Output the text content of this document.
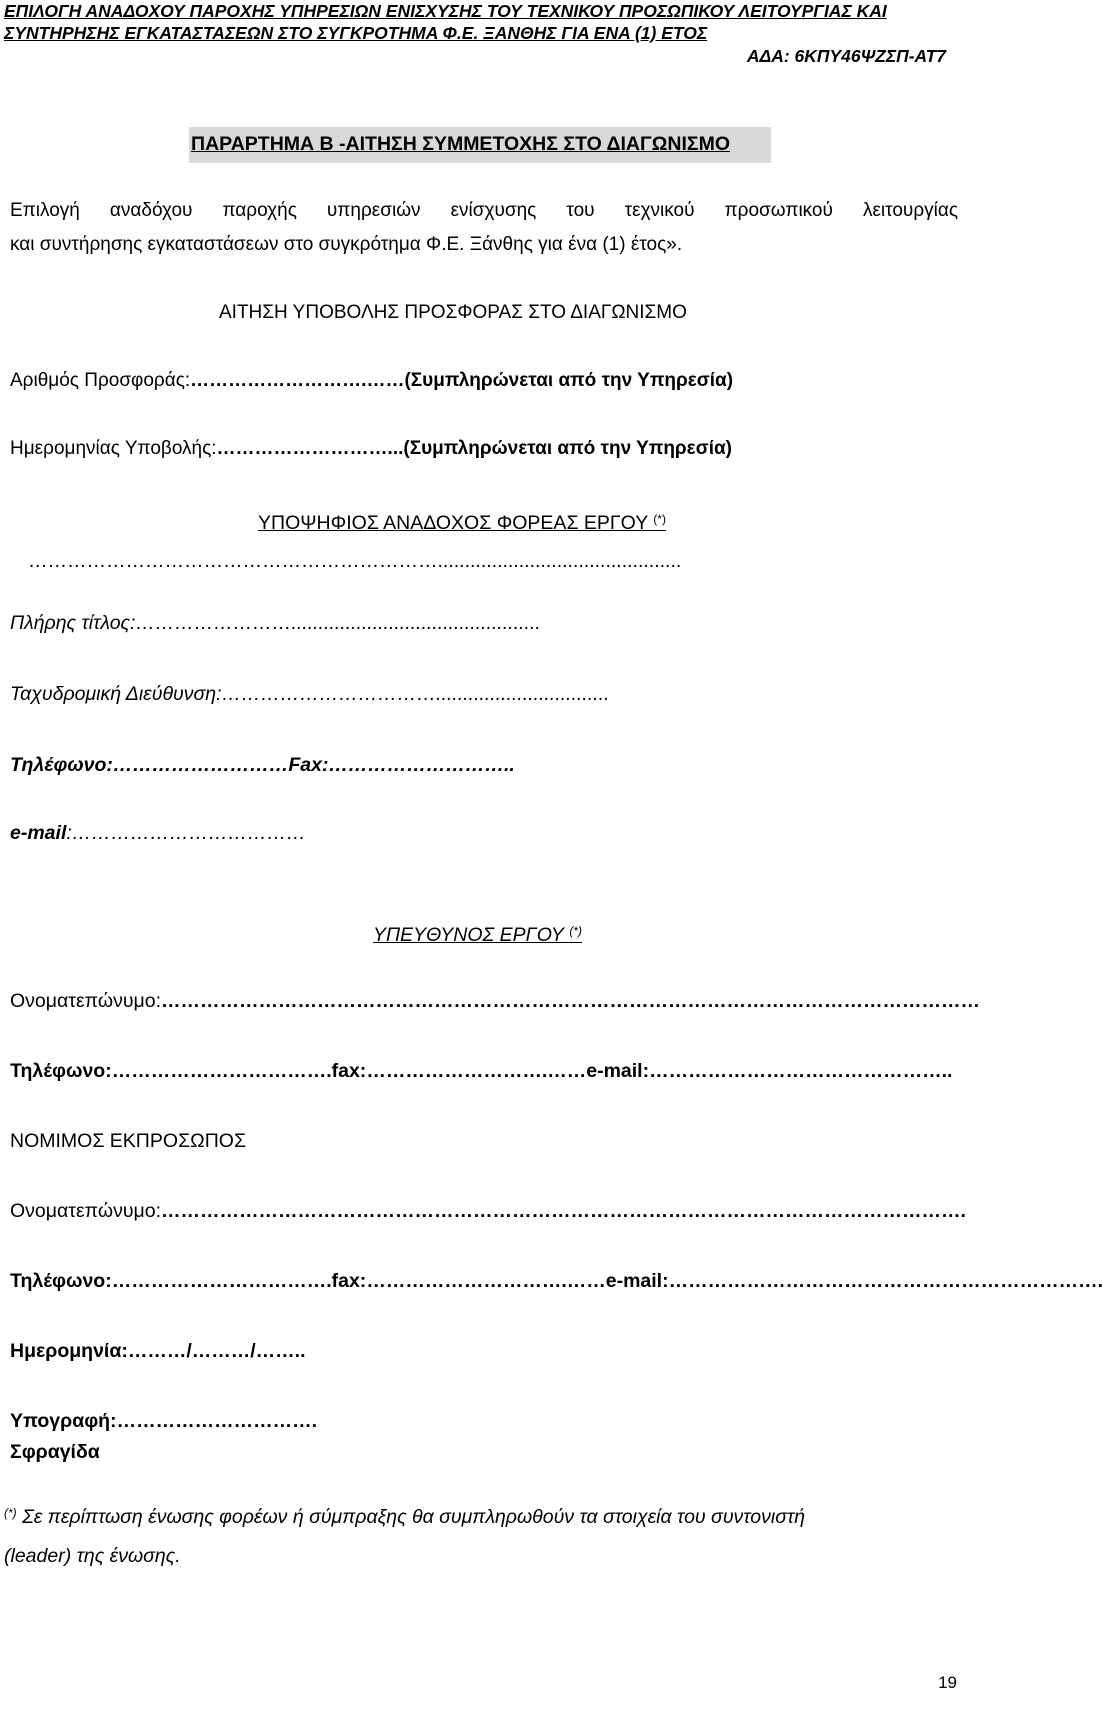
ΕΠΙΛΟΓΗ ΑΝΑΔΟΧΟΥ ΠΑΡΟΧΗΣ ΥΠΗΡΕΣΙΩΝ ΕΝΙΣΧΥΣΗΣ ΤΟΥ ΤΕΧΝΙΚΟΥ ΠΡΟΣΩΠΙΚΟΥ ΛΕΙΤΟΥΡΓΙΑΣ ΚΑΙ
ΣΥΝΤΗΡΗΣΗΣ ΕΓΚΑΤΑΣΤΑΣΕΩΝ ΣΤΟ ΣΥΓΚΡΟΤΗΜΑ Φ.Ε. ΞΑΝΘΗΣ ΓΙΑ ΕΝΑ (1) ΕΤΟΣ
ΑΔΑ: 6ΚΠΥ46ΨΖΣΠ-ΑΤ7
ΠΑΡΑΡΤΗΜΑ Β -ΑΙΤΗΣΗ ΣΥΜΜΕΤΟΧΗΣ ΣΤΟ ΔΙΑΓΩΝΙΣΜΟ
Επιλογή αναδόχου παροχής υπηρεσιών ενίσχυσης του τεχνικού προσωπικού λειτουργίας
και συντήρησης εγκαταστάσεων στο συγκρότημα Φ.Ε. Ξάνθης για ένα (1) έτος».
ΑΙΤΗΣΗ ΥΠΟΒΟΛΗΣ ΠΡΟΣΦΟΡΑΣ ΣΤΟ ΔΙΑΓΩΝΙΣΜΟ
Αριθμός Προσφοράς:……………………….……(Συμπληρώνεται από την Υπηρεσία)
Ημερομηνίας Υποβολής:………………………...(Συμπληρώνεται από την Υπηρεσία)
ΥΠΟΨΗΦΙΟΣ ΑΝΑΔΟΧΟΣ ΦΟΡΕΑΣ ΕΡΓΟΥ (*)
……………………………………………………….............................................
Πλήρης τίτλος:……………………..............................................
Ταχυδρομική Διεύθυνση:……………………………................................
Τηλέφωνο:………………………Fax:………………………..
e-mail:………………………………
ΥΠΕΥΘΥΝΟΣ ΕΡΓΟΥ (*)
Ονοματεπώνυμο:………………………………………………………………………………………………………………
Τηλέφωνο:…………………………….fax:……………………….……e-mail:………………………………………..
ΝΟΜΙΜΟΣ ΕΚΠΡΟΣΩΠΟΣ
Ονοματεπώνυμο:…………………………………………………………………………………………………………….
Τηλέφωνο:…………………………….fax:………………………….……e-mail:………………………………………………………….
Ημερομηνία:………/………/……..
Υπογραφή:………………………….
Σφραγίδα
(*) Σε περίπτωση ένωσης φορέων ή σύμπραξης θα συμπληρωθούν τα στοιχεία του συντονιστή
(leader) της ένωσης.
19
